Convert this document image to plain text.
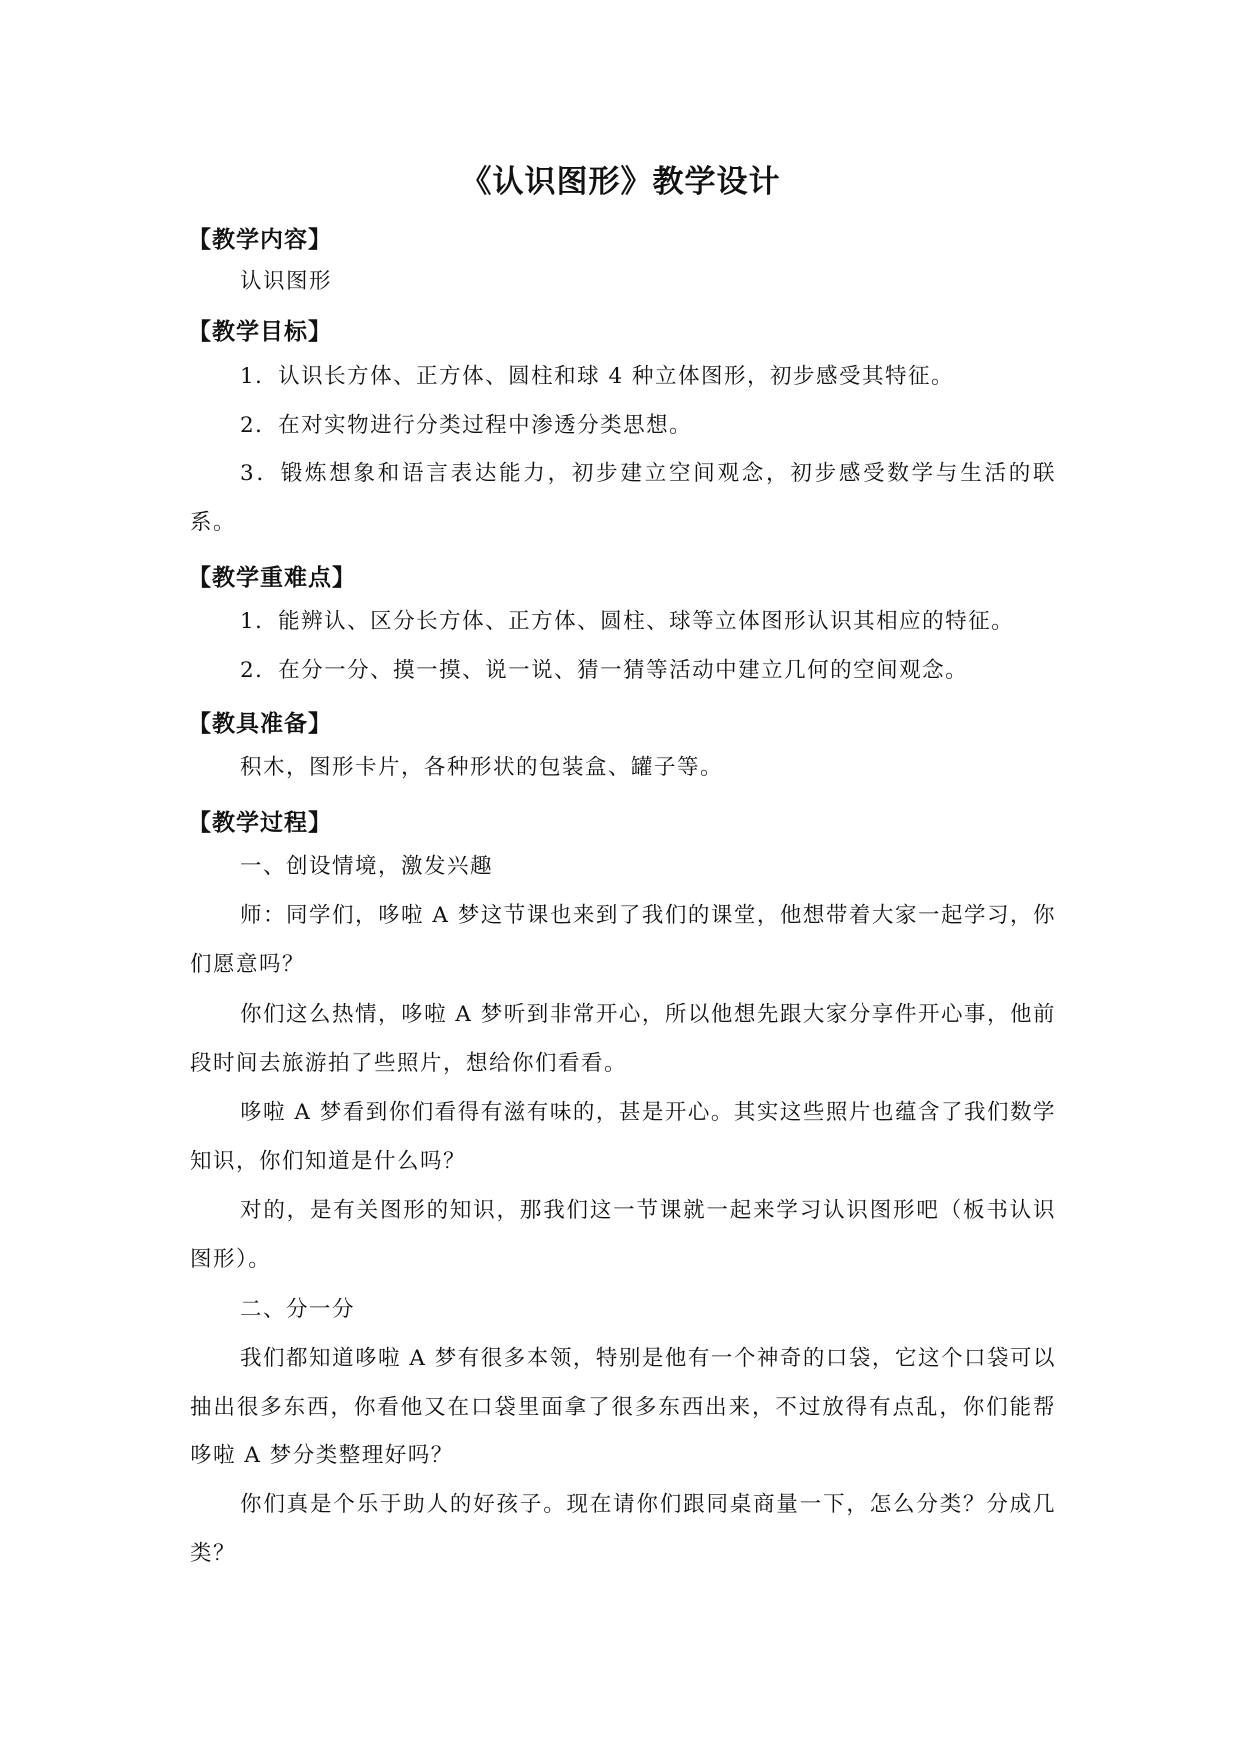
《认识图形》教学设计
【教学内容】

认识图形

【教学目标】

1．认识长方体、正方体、圆柱和球 4 种立体图形，初步感受其特征。

2．在对实物进行分类过程中渗透分类思想。

3．锻炼想象和语言表达能力，初步建立空间观念，初步感受数学与生活的联系。

【教学重难点】

1．能辨认、区分长方体、正方体、圆柱、球等立体图形认识其相应的特征。

2．在分一分、摸一摸、说一说、猜一猜等活动中建立几何的空间观念。

【教具准备】

积木，图形卡片，各种形状的包装盒、罐子等。

【教学过程】

一、创设情境，激发兴趣

师：同学们，哆啦 A 梦这节课也来到了我们的课堂，他想带着大家一起学习，你们愿意吗？

你们这么热情，哆啦 A 梦听到非常开心，所以他想先跟大家分享件开心事，他前段时间去旅游拍了些照片，想给你们看看。

哆啦 A 梦看到你们看得有滋有味的，甚是开心。其实这些照片也蕴含了我们数学知识，你们知道是什么吗？

对的，是有关图形的知识，那我们这一节课就一起来学习认识图形吧（板书认识图形）。

二、分一分

我们都知道哆啦 A 梦有很多本领，特别是他有一个神奇的口袋，它这个口袋可以抽出很多东西，你看他又在口袋里面拿了很多东西出来，不过放得有点乱，你们能帮哆啦 A 梦分类整理好吗？

你们真是个乐于助人的好孩子。现在请你们跟同桌商量一下，怎么分类？分成几类？
